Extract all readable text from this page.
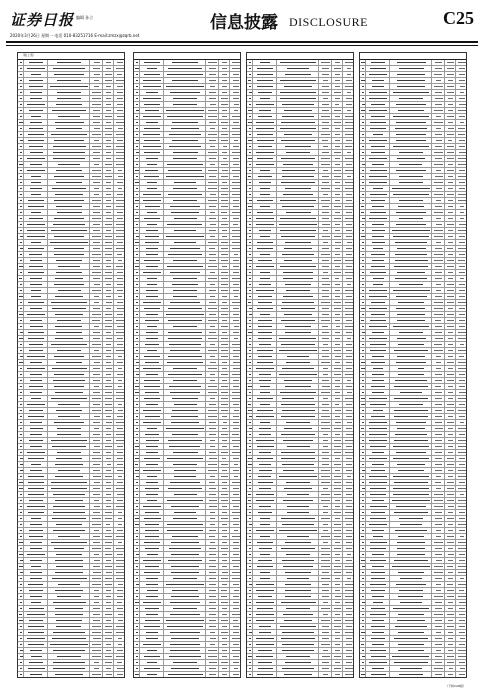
证券日报 编辑 孙立
2020年3月26日 星期一 电话 010-83251716 E-mail:zmzx@zqrb.net
信息披露 DISCLOSURE	C25
（续上表）
（下转C26版）
